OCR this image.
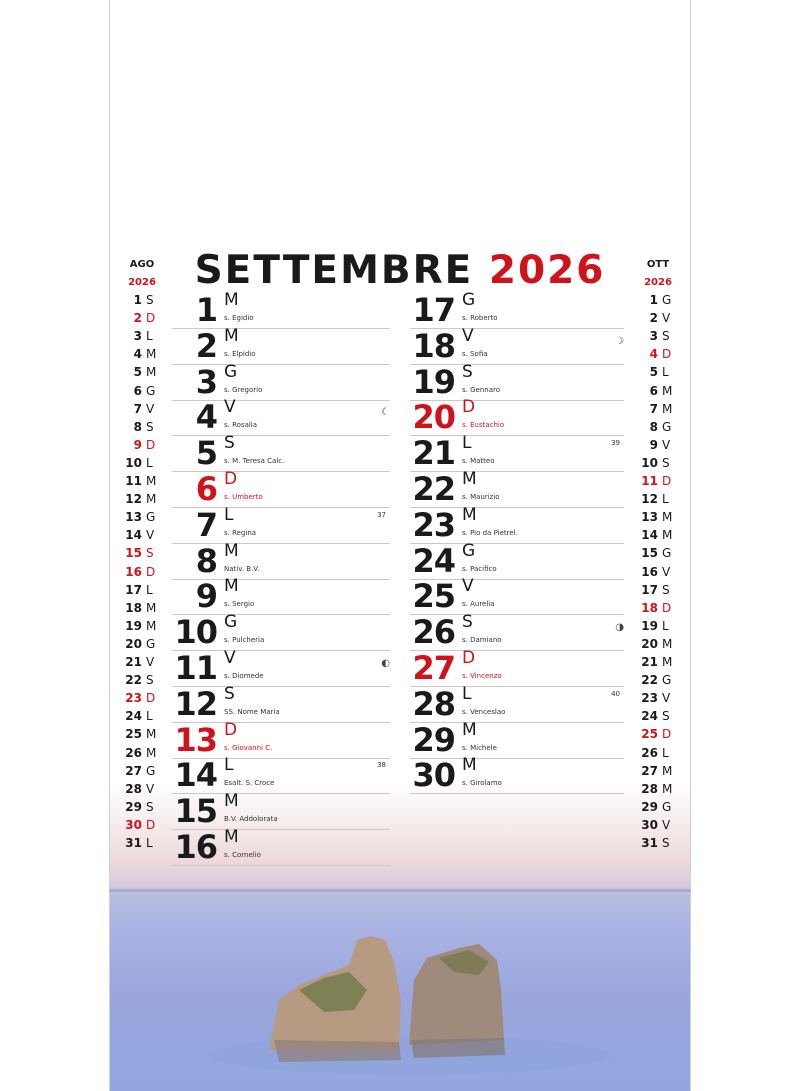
SETTEMBRE 2026
AGO
2026
OTT
2026
1 S
2 D
3 L
4 M
5 M
6 G
7 V
8 S
9 D
10 L
11 M
12 M
13 G
14 V
15 S
16 D
17 L
18 M
19 M
20 G
21 V
22 S
23 D
24 L
25 M
26 M
27 G
28 V
29 S
30 D
31 L
1 G
2 V
3 S
4 D
5 L
6 M
7 M
8 G
9 V
10 S
11 D
12 L
13 M
14 M
15 G
16 V
17 S
18 D
19 L
20 M
21 M
22 G
23 V
24 S
25 D
26 L
27 M
28 M
29 G
30 V
31 S
1 M
s. Egidio
2 M
s. Elpidio
3 G
s. Gregorio
4 V
s. Rosalia
☾
5 S
s. M. Teresa Calc.
6 D
s. Umberto
7 L
s. Regina
37
8 M
Nativ. B.V.
9 M
s. Sergio
10 G
s. Pulcheria
11 V
s. Diomede
◐
12 S
SS. Nome Maria
13 D
s. Giovanni C.
14 L
Esalt. S. Croce
38
15 M
B.V. Addolorata
16 M
s. Cornelio
17 G
s. Roberto
18 V
s. Sofia
☽
19 S
s. Gennaro
20 D
s. Eustachio
21 L
s. Matteo
39
22 M
s. Maurizio
23 M
s. Pio da Pietrel.
24 G
s. Pacifico
25 V
s. Aurelia
26 S
s. Damiano
◑
27 D
s. Vincenzo
28 L
s. Venceslao
40
29 M
s. Michele
30 M
s. Girolamo
